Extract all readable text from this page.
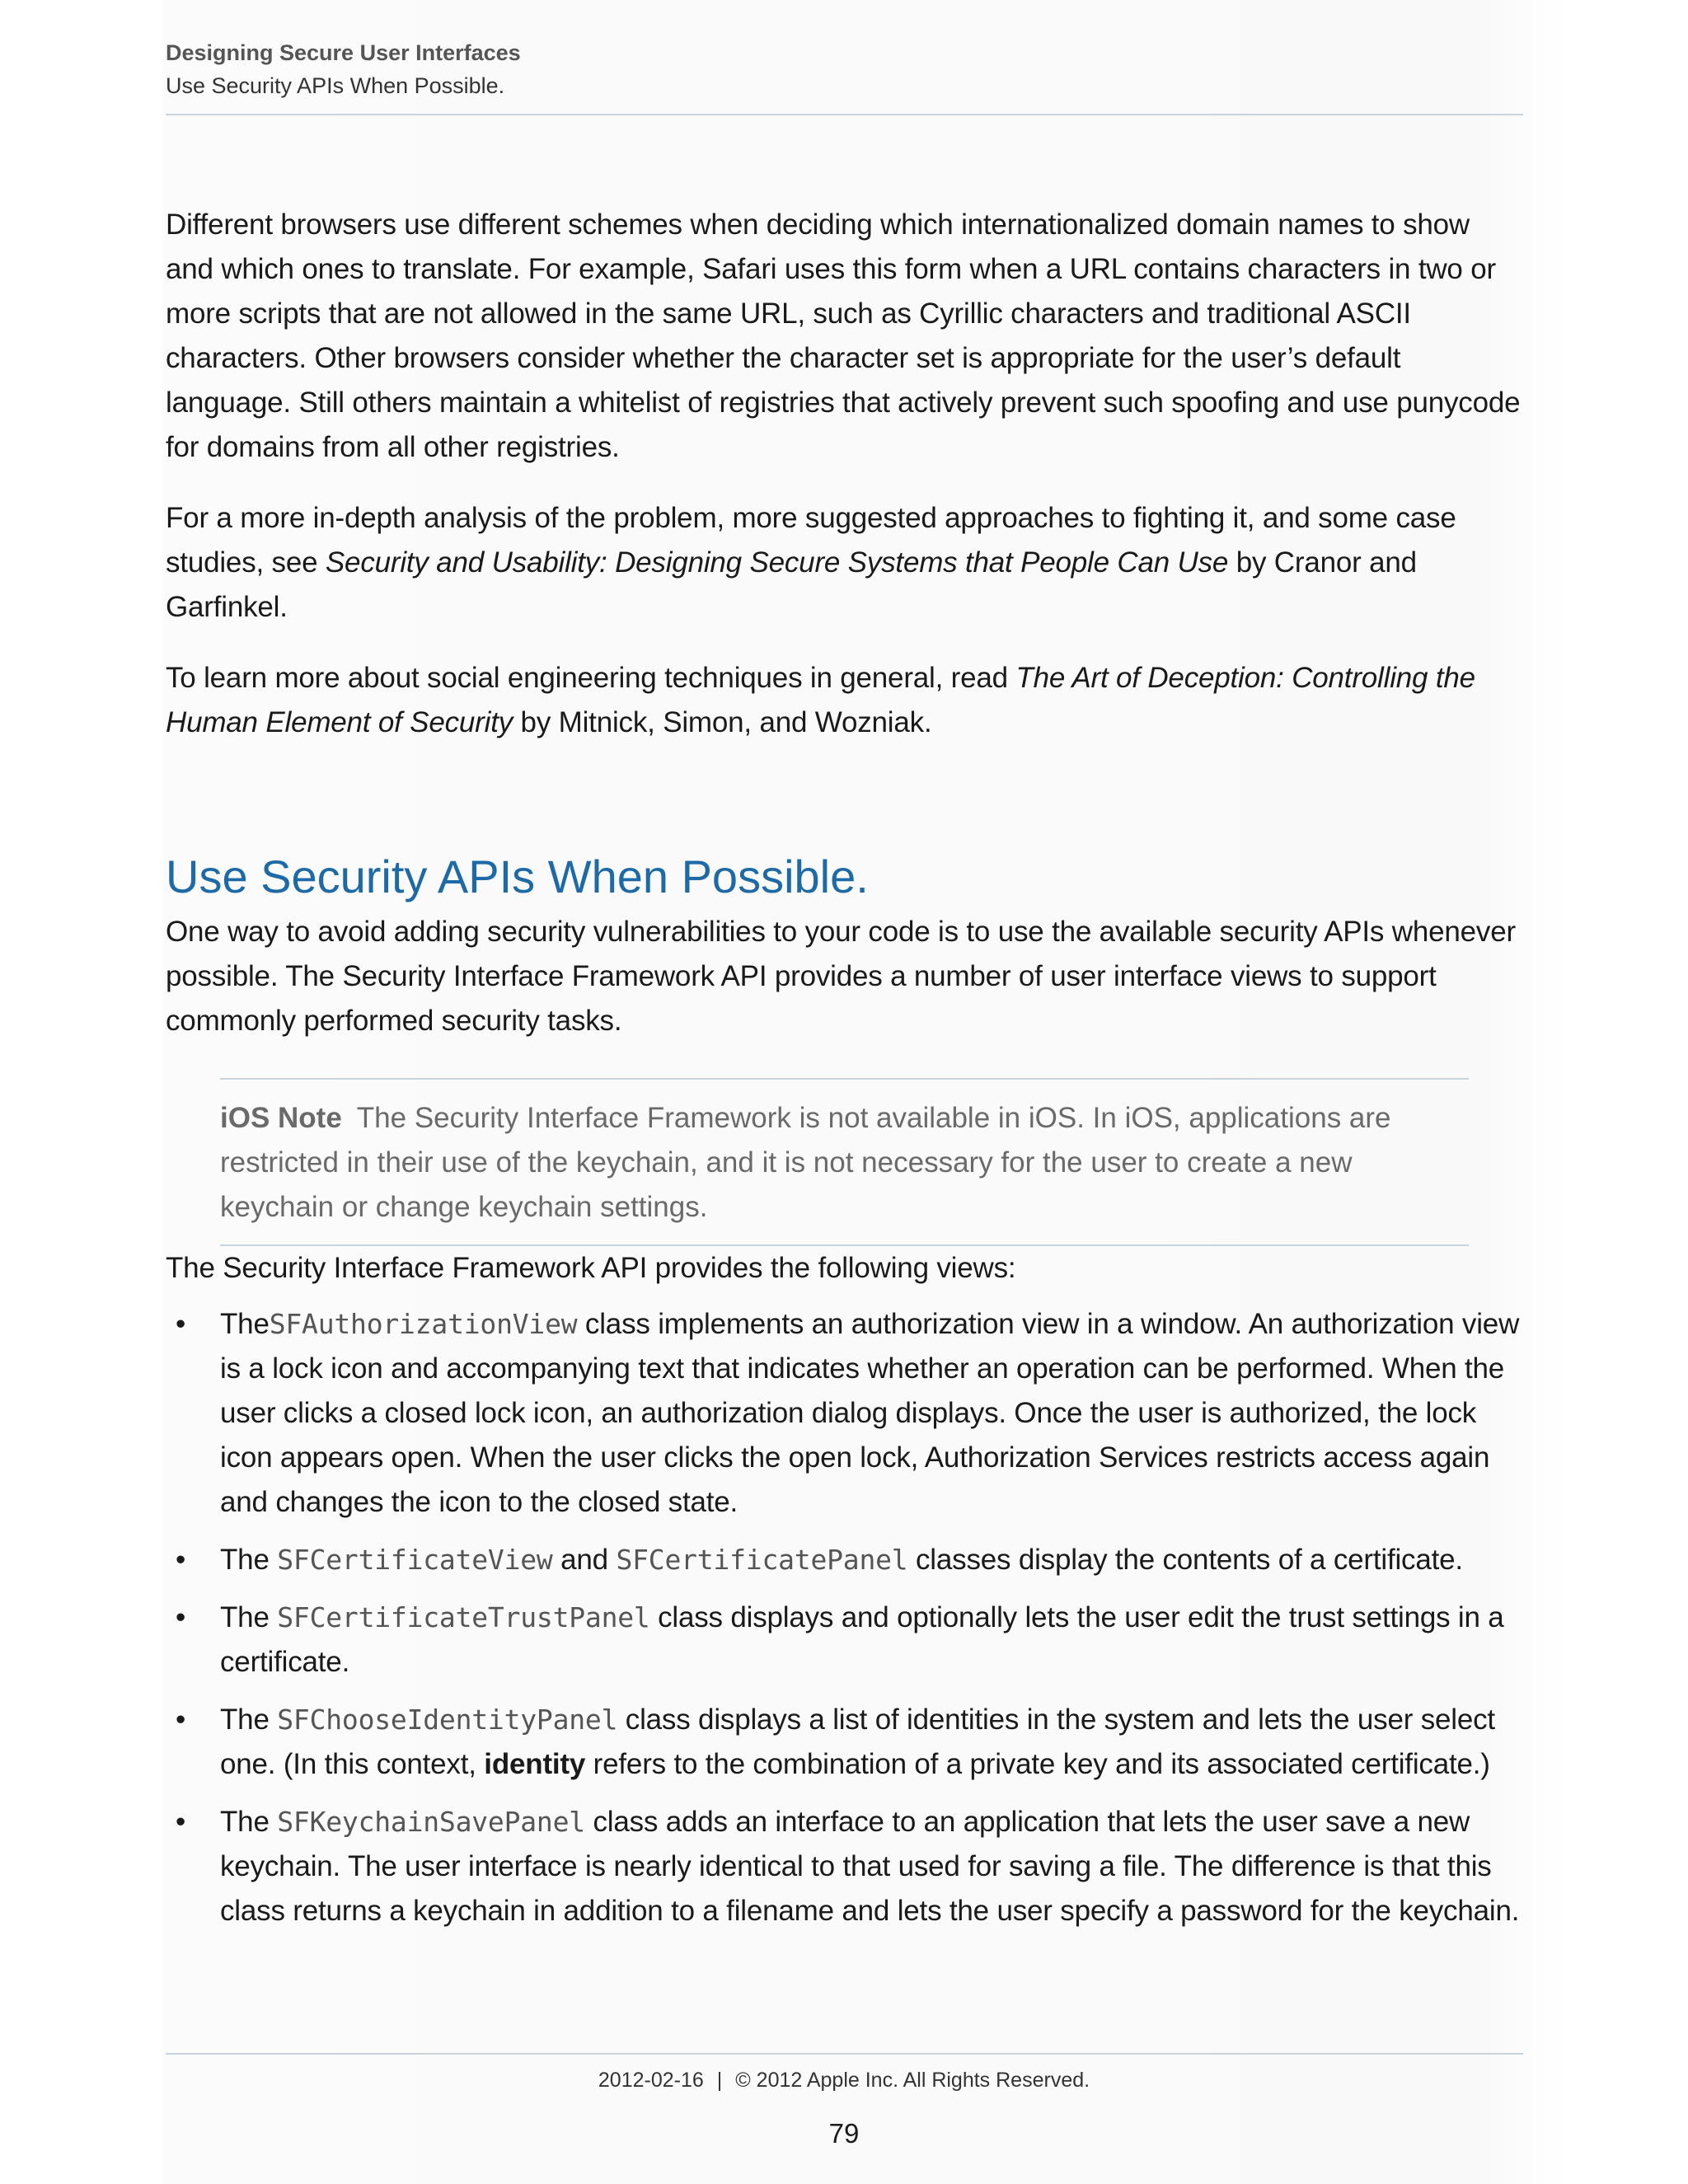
Designing Secure User Interfaces
Use Security APIs When Possible.

Different browsers use different schemes when deciding which internationalized domain names to show and which ones to translate. For example, Safari uses this form when a URL contains characters in two or more scripts that are not allowed in the same URL, such as Cyrillic characters and traditional ASCII characters. Other browsers consider whether the character set is appropriate for the user’s default language. Still others maintain a whitelist of registries that actively prevent such spoofing and use punycode for domains from all other registries.

For a more in-depth analysis of the problem, more suggested approaches to fighting it, and some case studies, see Security and Usability: Designing Secure Systems that People Can Use by Cranor and Garfinkel.

To learn more about social engineering techniques in general, read The Art of Deception: Controlling the Human Element of Security by Mitnick, Simon, and Wozniak.

Use Security APIs When Possible.

One way to avoid adding security vulnerabilities to your code is to use the available security APIs whenever possible. The Security Interface Framework API provides a number of user interface views to support commonly performed security tasks.

iOS Note The Security Interface Framework is not available in iOS. In iOS, applications are restricted in their use of the keychain, and it is not necessary for the user to create a new keychain or change keychain settings.

The Security Interface Framework API provides the following views:

• TheSFAuthorizationView class implements an authorization view in a window. An authorization view is a lock icon and accompanying text that indicates whether an operation can be performed. When the user clicks a closed lock icon, an authorization dialog displays. Once the user is authorized, the lock icon appears open. When the user clicks the open lock, Authorization Services restricts access again and changes the icon to the closed state.

• The SFCertificateView and SFCertificatePanel classes display the contents of a certificate.

• The SFCertificateTrustPanel class displays and optionally lets the user edit the trust settings in a certificate.

• The SFChooseIdentityPanel class displays a list of identities in the system and lets the user select one. (In this context, identity refers to the combination of a private key and its associated certificate.)

• The SFKeychainSavePanel class adds an interface to an application that lets the user save a new keychain. The user interface is nearly identical to that used for saving a file. The difference is that this class returns a keychain in addition to a filename and lets the user specify a password for the keychain.

2012-02-16 | © 2012 Apple Inc. All Rights Reserved.
79
